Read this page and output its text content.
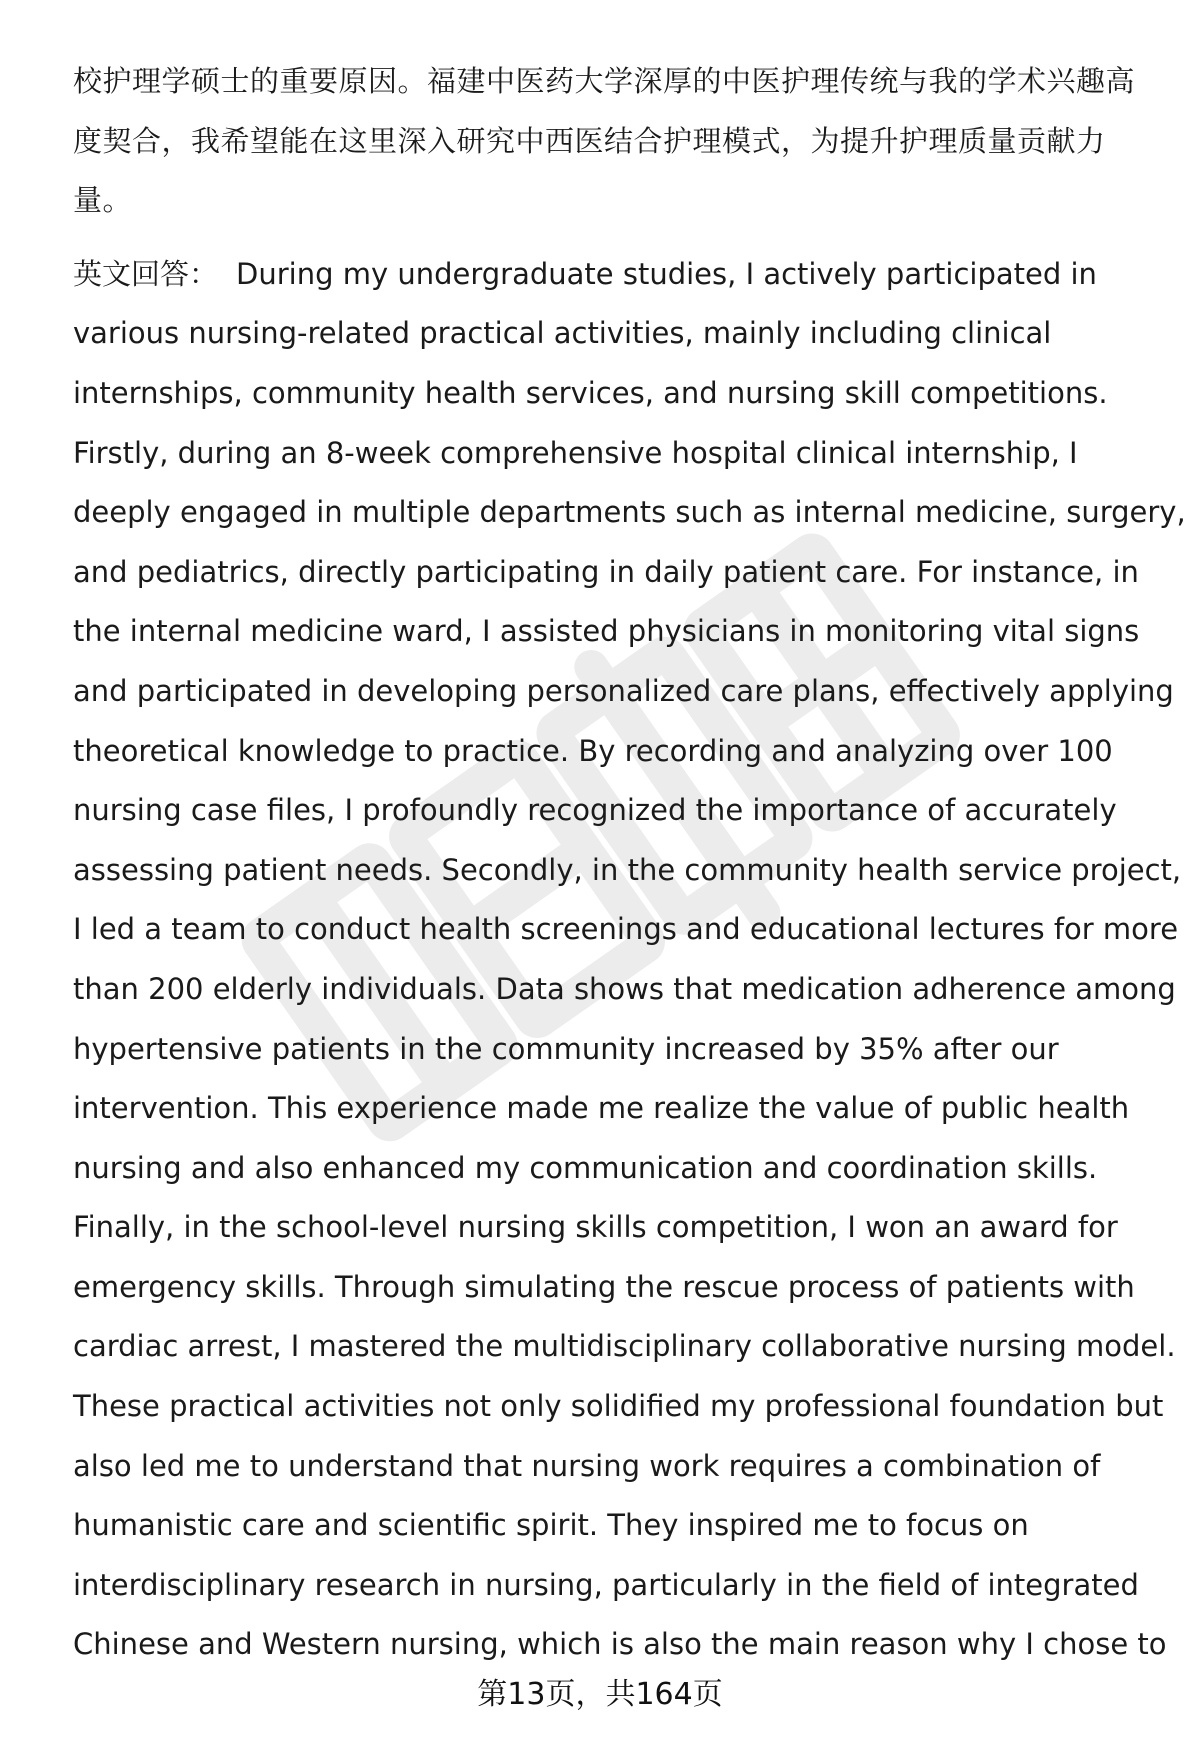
校护理学硕士的重要原因。福建中医药大学深厚的中医护理传统与我的学术兴趣高
度契合，我希望能在这里深入研究中西医结合护理模式，为提升护理质量贡献力
量。

英文回答： During my undergraduate studies, I actively participated in
various nursing-related practical activities, mainly including clinical
internships, community health services, and nursing skill competitions.
Firstly, during an 8-week comprehensive hospital clinical internship, I
deeply engaged in multiple departments such as internal medicine, surgery,
and pediatrics, directly participating in daily patient care. For instance, in
the internal medicine ward, I assisted physicians in monitoring vital signs
and participated in developing personalized care plans, effectively applying
theoretical knowledge to practice. By recording and analyzing over 100
nursing case files, I profoundly recognized the importance of accurately
assessing patient needs. Secondly, in the community health service project,
I led a team to conduct health screenings and educational lectures for more
than 200 elderly individuals. Data shows that medication adherence among
hypertensive patients in the community increased by 35% after our
intervention. This experience made me realize the value of public health
nursing and also enhanced my communication and coordination skills.
Finally, in the school-level nursing skills competition, I won an award for
emergency skills. Through simulating the rescue process of patients with
cardiac arrest, I mastered the multidisciplinary collaborative nursing model.
These practical activities not only solidified my professional foundation but
also led me to understand that nursing work requires a combination of
humanistic care and scientific spirit. They inspired me to focus on
interdisciplinary research in nursing, particularly in the field of integrated
Chinese and Western nursing, which is also the main reason why I chose to

第13页，共164页
